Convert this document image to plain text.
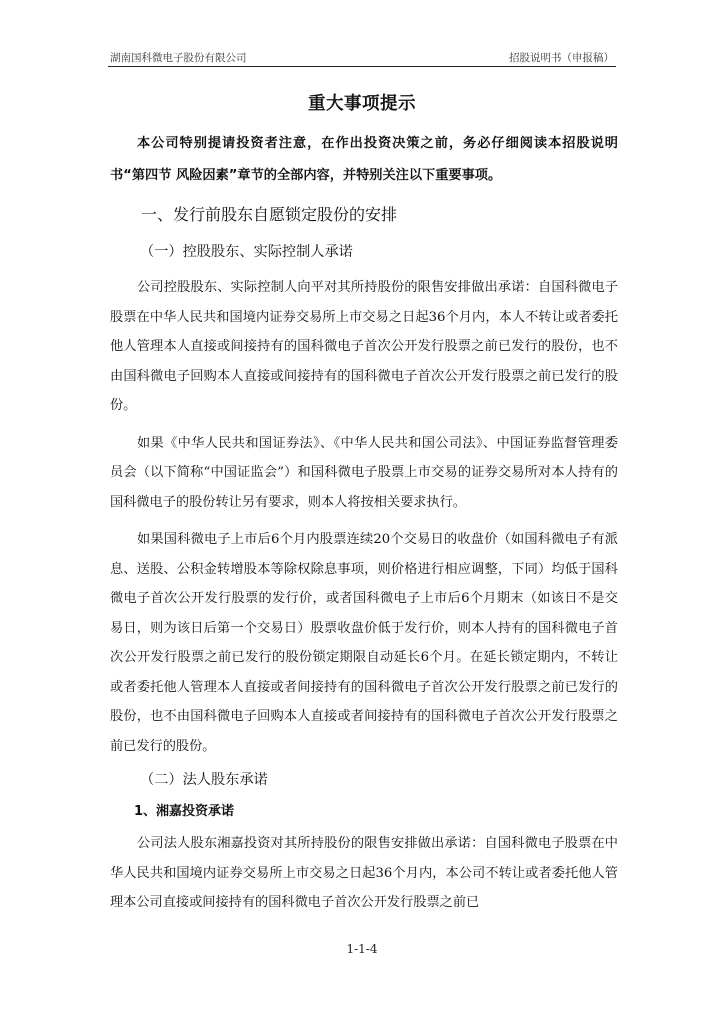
湖南国科微电子股份有限公司	招股说明书（申报稿）
重大事项提示

本公司特别提请投资者注意，在作出投资决策之前，务必仔细阅读本招股说明书“第四节 风险因素”章节的全部内容，并特别关注以下重要事项。

一、发行前股东自愿锁定股份的安排
（一）控股股东、实际控制人承诺

公司控股股东、实际控制人向平对其所持股份的限售安排做出承诺：自国科微电子股票在中华人民共和国境内证券交易所上市交易之日起36个月内，本人不转让或者委托他人管理本人直接或间接持有的国科微电子首次公开发行股票之前已发行的股份，也不由国科微电子回购本人直接或间接持有的国科微电子首次公开发行股票之前已发行的股份。

如果《中华人民共和国证券法》、《中华人民共和国公司法》、中国证券监督管理委员会（以下简称“中国证监会”）和国科微电子股票上市交易的证券交易所对本人持有的国科微电子的股份转让另有要求，则本人将按相关要求执行。

如果国科微电子上市后6个月内股票连续20个交易日的收盘价（如国科微电子有派息、送股、公积金转增股本等除权除息事项，则价格进行相应调整，下同）均低于国科微电子首次公开发行股票的发行价，或者国科微电子上市后6个月期末（如该日不是交易日，则为该日后第一个交易日）股票收盘价低于发行价，则本人持有的国科微电子首次公开发行股票之前已发行的股份锁定期限自动延长6个月。在延长锁定期内，不转让或者委托他人管理本人直接或者间接持有的国科微电子首次公开发行股票之前已发行的股份，也不由国科微电子回购本人直接或者间接持有的国科微电子首次公开发行股票之前已发行的股份。

（二）法人股东承诺
1、湘嘉投资承诺

公司法人股东湘嘉投资对其所持股份的限售安排做出承诺：自国科微电子股票在中华人民共和国境内证券交易所上市交易之日起36个月内，本公司不转让或者委托他人管理本公司直接或间接持有的国科微电子首次公开发行股票之前已

1-1-4
